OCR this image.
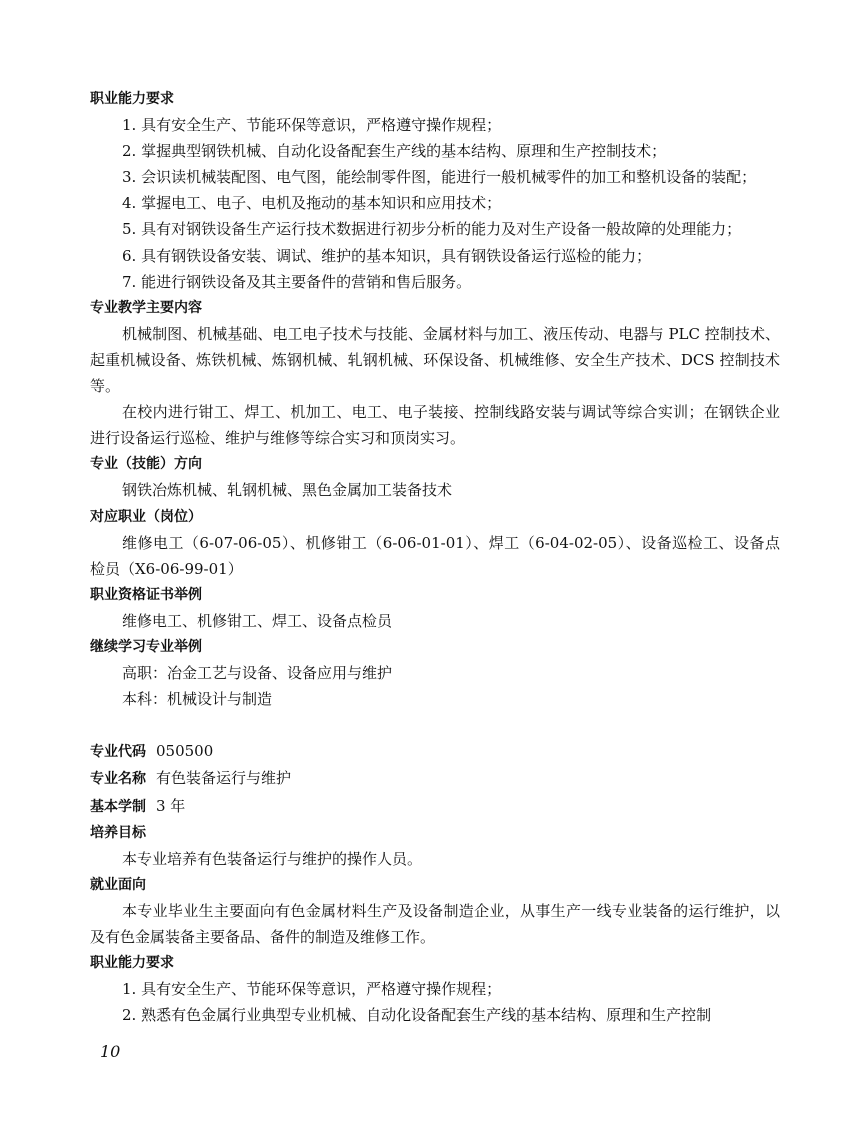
职业能力要求

1. 具有安全生产、节能环保等意识，严格遵守操作规程；

2. 掌握典型钢铁机械、自动化设备配套生产线的基本结构、原理和生产控制技术；

3. 会识读机械装配图、电气图，能绘制零件图，能进行一般机械零件的加工和整机设备的装配；

4. 掌握电工、电子、电机及拖动的基本知识和应用技术；

5. 具有对钢铁设备生产运行技术数据进行初步分析的能力及对生产设备一般故障的处理能力；

6. 具有钢铁设备安装、调试、维护的基本知识，具有钢铁设备运行巡检的能力；

7. 能进行钢铁设备及其主要备件的营销和售后服务。

专业教学主要内容

机械制图、机械基础、电工电子技术与技能、金属材料与加工、液压传动、电器与 PLC 控制技术、起重机械设备、炼铁机械、炼钢机械、轧钢机械、环保设备、机械维修、安全生产技术、DCS 控制技术等。

在校内进行钳工、焊工、机加工、电工、电子装接、控制线路安装与调试等综合实训；在钢铁企业进行设备运行巡检、维护与维修等综合实习和顶岗实习。

专业（技能）方向

钢铁冶炼机械、轧钢机械、黑色金属加工装备技术

对应职业（岗位）

维修电工（6-07-06-05）、机修钳工（6-06-01-01）、焊工（6-04-02-05）、设备巡检工、设备点检员（X6-06-99-01）

职业资格证书举例

维修电工、机修钳工、焊工、设备点检员

继续学习专业举例

高职：冶金工艺与设备、设备应用与维护

本科：机械设计与制造

专业代码 050500
专业名称 有色装备运行与维护
基本学制 3 年
培养目标

本专业培养有色装备运行与维护的操作人员。

就业面向

本专业毕业生主要面向有色金属材料生产及设备制造企业，从事生产一线专业装备的运行维护，以及有色金属装备主要备品、备件的制造及维修工作。

职业能力要求

1. 具有安全生产、节能环保等意识，严格遵守操作规程；

2. 熟悉有色金属行业典型专业机械、自动化设备配套生产线的基本结构、原理和生产控制

10
